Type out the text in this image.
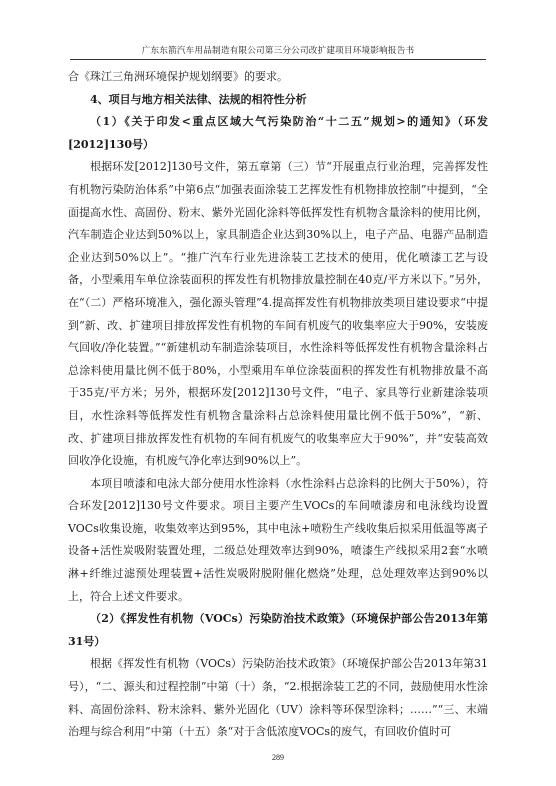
广东东箭汽车用品制造有限公司第三分公司改扩建项目环境影响报告书

合《珠江三角洲环境保护规划纲要》的要求。

4、项目与地方相关法律、法规的相符性分析

（1）《关于印发<重点区域大气污染防治“十二五”规划>的通知》（环发[2012]130号）

根据环发[2012]130号文件，第五章第（三）节“开展重点行业治理，完善挥发性有机物污染防治体系”中第6点“加强表面涂装工艺挥发性有机物排放控制”中提到，“全面提高水性、高固份、粉末、紫外光固化涂料等低挥发性有机物含量涂料的使用比例，汽车制造企业达到50%以上，家具制造企业达到30%以上，电子产品、电器产品制造企业达到50%以上”。“推广汽车行业先进涂装工艺技术的使用，优化喷漆工艺与设备，小型乘用车单位涂装面积的挥发性有机物排放量控制在40克/平方米以下。”另外，在“（二）严格环境准入，强化源头管理”4.提高挥发性有机物排放类项目建设要求“中提到“新、改、扩建项目排放挥发性有机物的车间有机废气的收集率应大于90%，安装废气回收/净化装置。”“新建机动车制造涂装项目，水性涂料等低挥发性有机物含量涂料占总涂料使用量比例不低于80%，小型乘用车单位涂装面积的挥发性有机物排放量不高于35克/平方米；另外，根据环发[2012]130号文件，“电子、家具等行业新建涂装项目，水性涂料等低挥发性有机物含量涂料占总涂料使用量比例不低于50%”，“新、改、扩建项目排放挥发性有机物的车间有机废气的收集率应大于90%”，并“安装高效回收净化设施，有机废气净化率达到90%以上”。

本项目喷漆和电泳大部分使用水性涂料（水性涂料占总涂料的比例大于50%），符合环发[2012]130号文件要求。项目主要产生VOCs的车间喷漆房和电泳线均设置VOCs收集设施，收集效率达到95%，其中电泳+喷粉生产线收集后拟采用低温等离子设备+活性炭吸附装置处理，二级总处理效率达到90%，喷漆生产线拟采用2套“水喷淋+纤维过滤预处理装置+活性炭吸附脱附催化燃烧”处理，总处理效率达到90%以上，符合上述文件要求。

（2）《挥发性有机物（VOCs）污染防治技术政策》（环境保护部公告2013年第31号）

根据《挥发性有机物（VOCs）污染防治技术政策》（环境保护部公告2013年第31号），“二、源头和过程控制”中第（十）条，“2.根据涂装工艺的不同，鼓励使用水性涂料、高固份涂料、粉末涂料、紫外光固化（UV）涂料等环保型涂料；……”“三、末端治理与综合利用”中第（十五）条“对于含低浓度VOCs的废气，有回收价值时可

289
